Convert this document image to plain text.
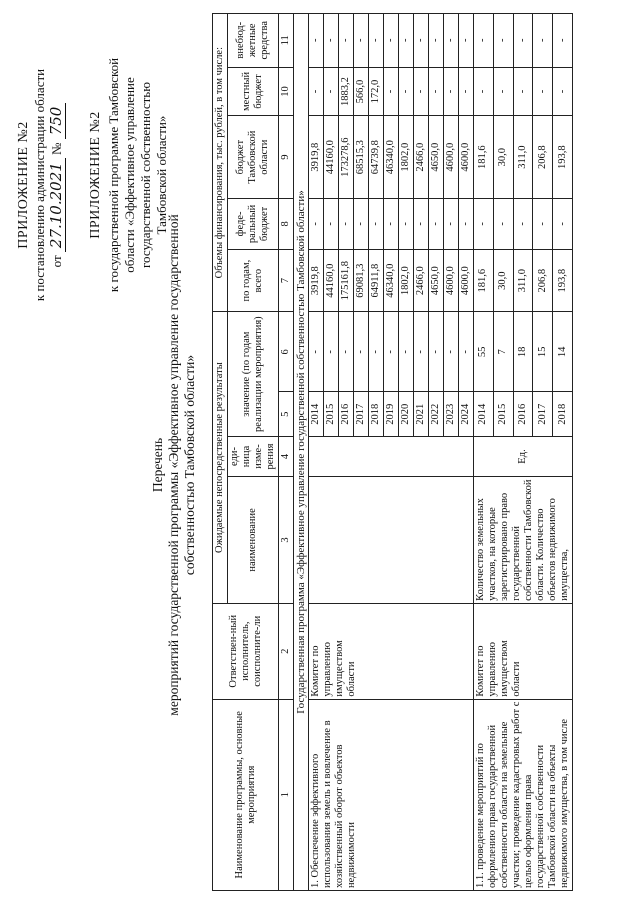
ПРИЛОЖЕНИЕ №2 к постановлению администрации области от 27.10.2021 № 750 ПРИЛОЖЕНИЕ №2 к государственной программе Тамбовской области «Эффективное управление государственной собственностью Тамбовской области»
Перечень мероприятий государственной программы «Эффективное управление государственной собственностью Тамбовской области»
Наименование программы, основные мероприятия	Ответствен-ный исполнитель, соисполните-ли	Ожидаемые непосредственные результаты				Объемы финансирования, тыс. рублей, в том числе:				
		наименование	еди-ница изме-рения	значение (по годам реализации мероприятия)		по годам, всего	феде-ральный бюджет	бюджет Тамбовской области	местный бюджет	внебюд-жетные средства
1	2	3	4	5	6	7	8	9	10	11
Государственная программа «Эффективное управление государственной собственностью Тамбовской области»										
1. Обеспечение эффективного использования земель и вовлечение в хозяйственный оборот объектов недвижимости	Комитет по управлению имуществом области			2014	-	3919,8	-	3919,8	-	-
				2015	-	44160,0	-	44160,0	-	-
				2016	-	175161,8	-	173278,6	1883,2	-
				2017	-	69081,3	-	68515,3	566,0	-
				2018	-	64911,8	-	64739,8	172,0	-
				2019	-	46340,0	-	46340,0	-	-
				2020	-	1802,0	-	1802,0	-	-
				2021	-	2466,0	-	2466,0	-	-
				2022	-	4650,0	-	4650,0	-	-
				2023	-	4600,0	-	4600,0	-	-
				2024	-	4600,0	-	4600,0	-	-
1.1. проведение мероприятий по оформлению права государственной собственности области на земельные участки; проведение кадастровых работ с целью оформления права государственной собственности Тамбовской области на объекты недвижимого имущества, в том числе	Комитет по управлению имуществом области	Количество земельных участков, на которые зарегистрировано право государственной собственности Тамбовской области. Количество объектов недвижимого имущества,	Ед.	2014	55	181,6	-	181,6	-	-
				2015	7	30,0	-	30,0	-	-
				2016	18	311,0	-	311,0	-	-
				2017	15	206,8	-	206,8	-	-
				2018	14	193,8	-	193,8	-	-
